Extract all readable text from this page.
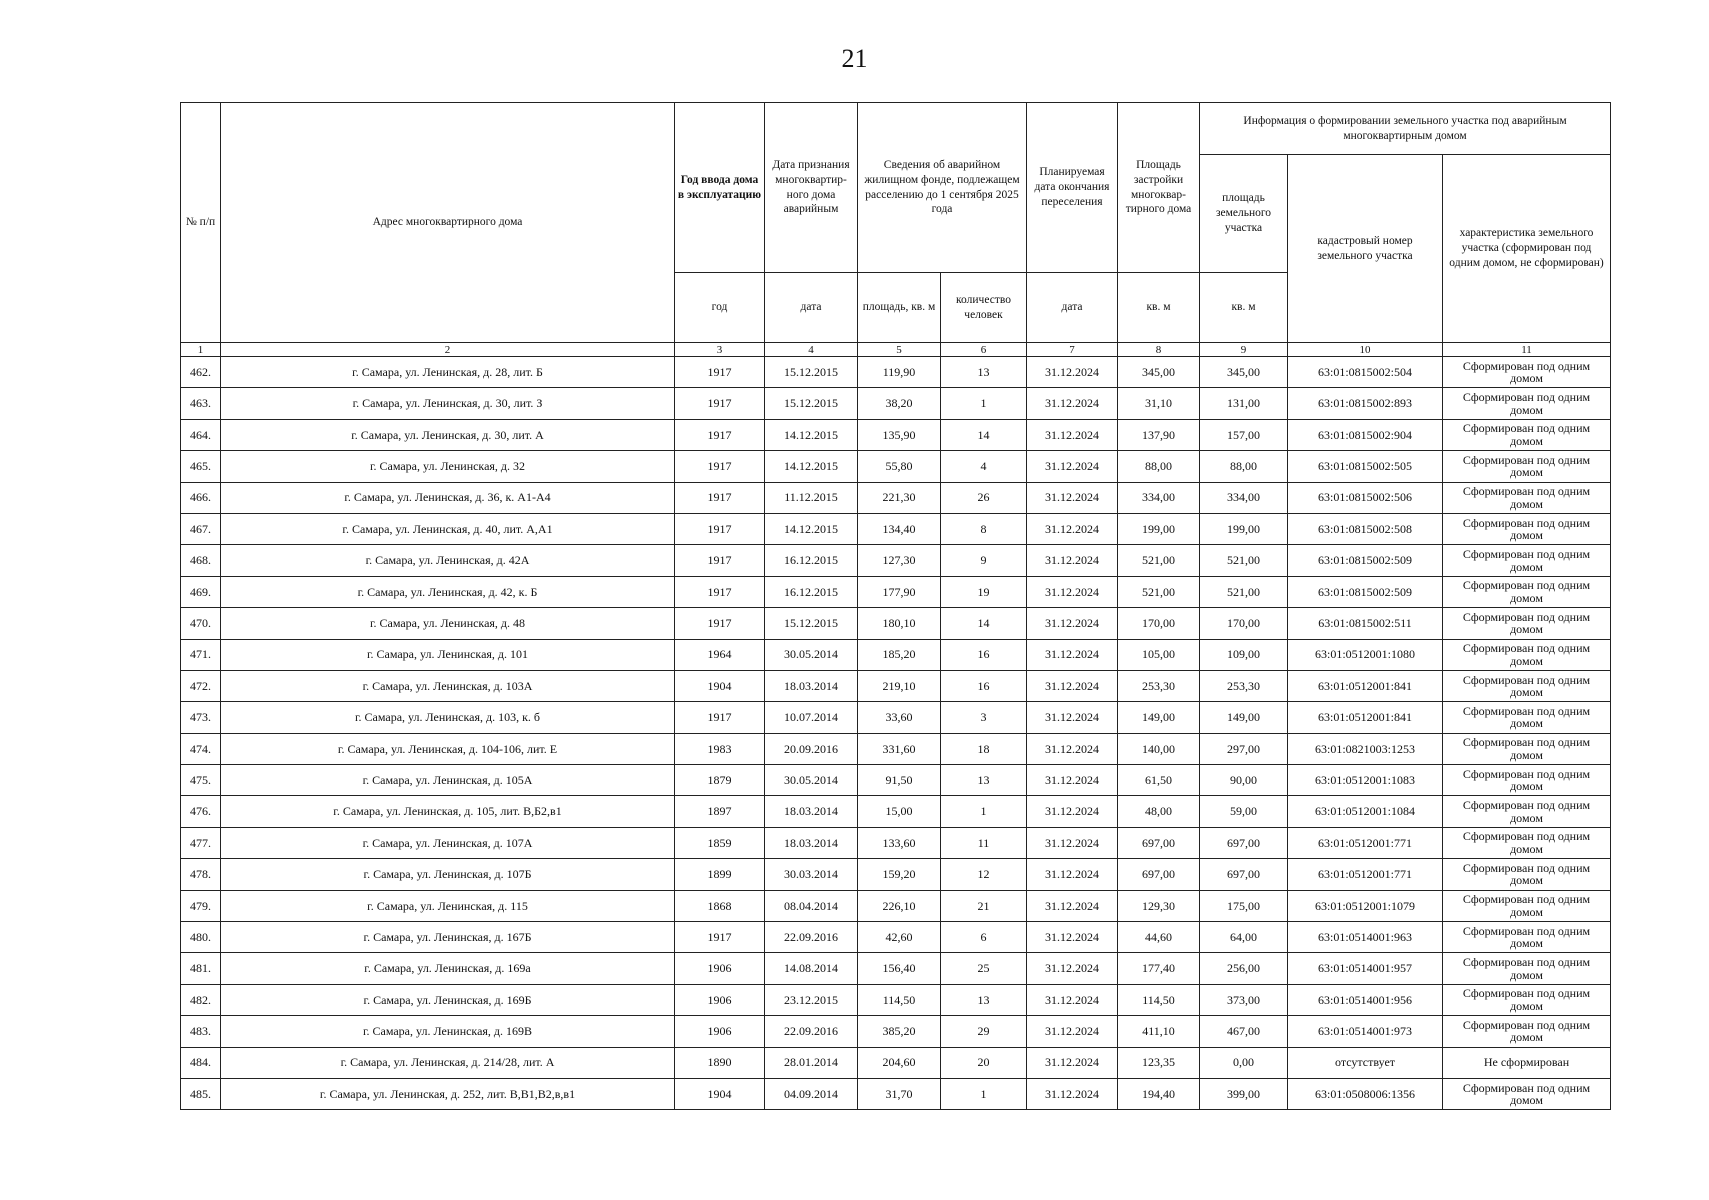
21
№ п/п	Адрес многоквартирного дома	Год ввода дома в эксплуатацию	Дата признания многоквартир-ного дома аварийным	Сведения об аварийном жилищном фонде, подлежащем расселению до 1 сентября 2025 года		Планируемая дата окончания переселения	Площадь застройки многоквар-тирного дома	Информация о формировании земельного участка под аварийным многоквартирным домом		
								площадь земельного участка	кадастровый номер земельного участка	характеристика земельного участка (сформирован под одним домом, не сформирован)
		год	дата	площадь, кв. м	количество человек	дата	кв. м	кв. м		
1	2	3	4	5	6	7	8	9	10	11
462.	г. Самара, ул. Ленинская, д. 28, лит. Б	1917	15.12.2015	119,90	13	31.12.2024	345,00	345,00	63:01:0815002:504	Сформирован под одним домом
463.	г. Самара, ул. Ленинская, д. 30, лит. З	1917	15.12.2015	38,20	1	31.12.2024	31,10	131,00	63:01:0815002:893	Сформирован под одним домом
464.	г. Самара, ул. Ленинская, д. 30, лит. А	1917	14.12.2015	135,90	14	31.12.2024	137,90	157,00	63:01:0815002:904	Сформирован под одним домом
465.	г. Самара, ул. Ленинская, д. 32	1917	14.12.2015	55,80	4	31.12.2024	88,00	88,00	63:01:0815002:505	Сформирован под одним домом
466.	г. Самара, ул. Ленинская, д. 36, к. А1-А4	1917	11.12.2015	221,30	26	31.12.2024	334,00	334,00	63:01:0815002:506	Сформирован под одним домом
467.	г. Самара, ул. Ленинская, д. 40, лит. А,А1	1917	14.12.2015	134,40	8	31.12.2024	199,00	199,00	63:01:0815002:508	Сформирован под одним домом
468.	г. Самара, ул. Ленинская, д. 42А	1917	16.12.2015	127,30	9	31.12.2024	521,00	521,00	63:01:0815002:509	Сформирован под одним домом
469.	г. Самара, ул. Ленинская, д. 42, к. Б	1917	16.12.2015	177,90	19	31.12.2024	521,00	521,00	63:01:0815002:509	Сформирован под одним домом
470.	г. Самара, ул. Ленинская, д. 48	1917	15.12.2015	180,10	14	31.12.2024	170,00	170,00	63:01:0815002:511	Сформирован под одним домом
471.	г. Самара, ул. Ленинская, д. 101	1964	30.05.2014	185,20	16	31.12.2024	105,00	109,00	63:01:0512001:1080	Сформирован под одним домом
472.	г. Самара, ул. Ленинская, д. 103А	1904	18.03.2014	219,10	16	31.12.2024	253,30	253,30	63:01:0512001:841	Сформирован под одним домом
473.	г. Самара, ул. Ленинская, д. 103, к. б	1917	10.07.2014	33,60	3	31.12.2024	149,00	149,00	63:01:0512001:841	Сформирован под одним домом
474.	г. Самара, ул. Ленинская, д. 104-106, лит. Е	1983	20.09.2016	331,60	18	31.12.2024	140,00	297,00	63:01:0821003:1253	Сформирован под одним домом
475.	г. Самара, ул. Ленинская, д. 105А	1879	30.05.2014	91,50	13	31.12.2024	61,50	90,00	63:01:0512001:1083	Сформирован под одним домом
476.	г. Самара, ул. Ленинская, д. 105, лит. В,Б2,в1	1897	18.03.2014	15,00	1	31.12.2024	48,00	59,00	63:01:0512001:1084	Сформирован под одним домом
477.	г. Самара, ул. Ленинская, д. 107А	1859	18.03.2014	133,60	11	31.12.2024	697,00	697,00	63:01:0512001:771	Сформирован под одним домом
478.	г. Самара, ул. Ленинская, д. 107Б	1899	30.03.2014	159,20	12	31.12.2024	697,00	697,00	63:01:0512001:771	Сформирован под одним домом
479.	г. Самара, ул. Ленинская, д. 115	1868	08.04.2014	226,10	21	31.12.2024	129,30	175,00	63:01:0512001:1079	Сформирован под одним домом
480.	г. Самара, ул. Ленинская, д. 167Б	1917	22.09.2016	42,60	6	31.12.2024	44,60	64,00	63:01:0514001:963	Сформирован под одним домом
481.	г. Самара, ул. Ленинская, д. 169а	1906	14.08.2014	156,40	25	31.12.2024	177,40	256,00	63:01:0514001:957	Сформирован под одним домом
482.	г. Самара, ул. Ленинская, д. 169Б	1906	23.12.2015	114,50	13	31.12.2024	114,50	373,00	63:01:0514001:956	Сформирован под одним домом
483.	г. Самара, ул. Ленинская, д. 169В	1906	22.09.2016	385,20	29	31.12.2024	411,10	467,00	63:01:0514001:973	Сформирован под одним домом
484.	г. Самара, ул. Ленинская, д. 214/28, лит. А	1890	28.01.2014	204,60	20	31.12.2024	123,35	0,00	отсутствует	Не сформирован
485.	г. Самара, ул. Ленинская, д. 252, лит. В,В1,В2,в,в1	1904	04.09.2014	31,70	1	31.12.2024	194,40	399,00	63:01:0508006:1356	Сформирован под одним домом
